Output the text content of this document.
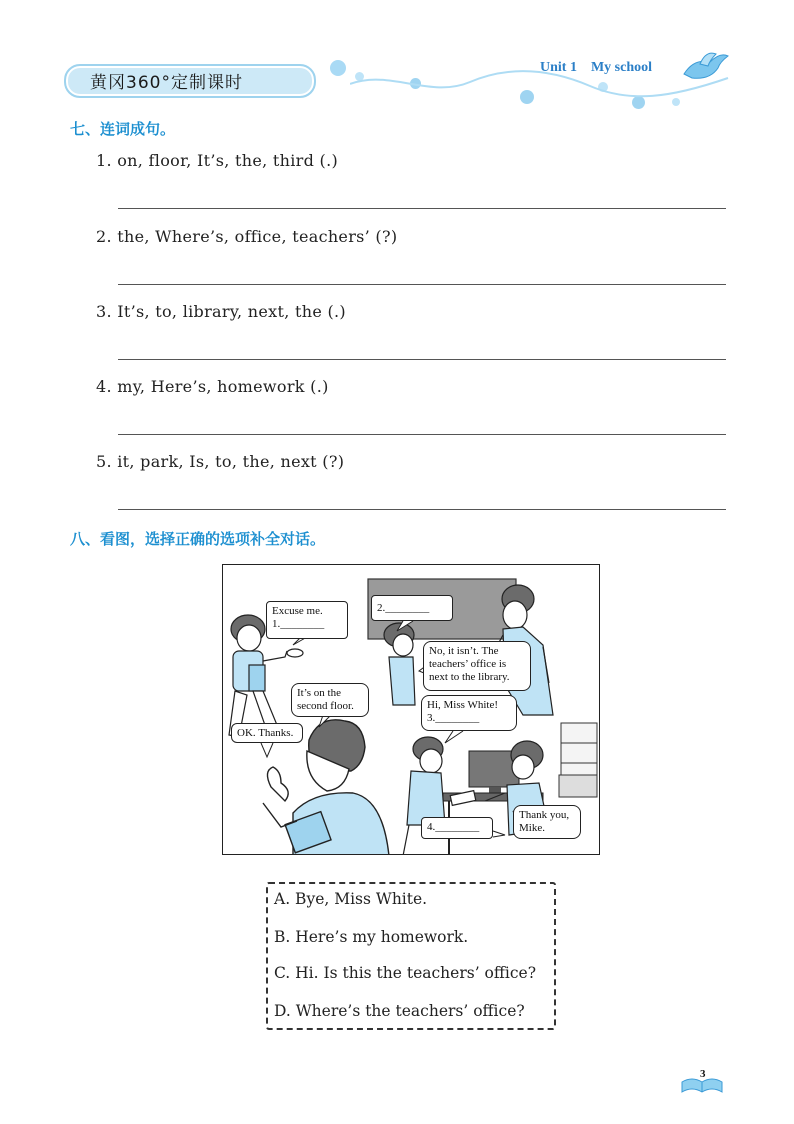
黄冈360°定制课时
Unit 1 My school
七、连词成句。
1. on, floor, It’s, the, third (.)
2. the, Where’s, office, teachers’ (?)
3. It’s, to, library, next, the (.)
4. my, Here’s, homework (.)
5. it, park, Is, to, the, next (?)
八、看图，选择正确的选项补全对话。
Excuse me.
1.________
2.________
No, it isn’t. The
teachers’ office is
next to the library.
It’s on the
second floor.
OK. Thanks.
Hi, Miss White!
3.________
4.________
Thank you,
Mike.
A. Bye, Miss White.
B. Here’s my homework.
C. Hi. Is this the teachers’ office?
D. Where’s the teachers’ office?
3
